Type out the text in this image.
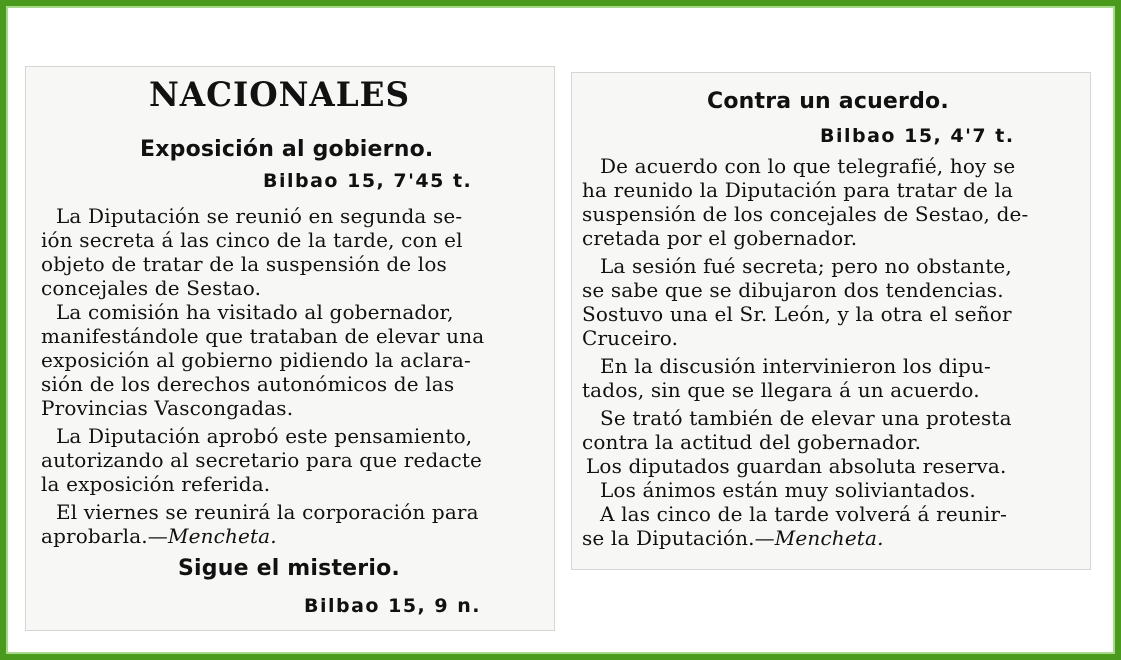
NACIONALES
Exposición al gobierno.
Bilbao 15, 7'45 t.
La Diputación se reunió en segunda se-
ión secreta á las cinco de la tarde, con el
objeto de tratar de la suspensión de los
concejales de Sestao.
La comisión ha visitado al gobernador,
manifestándole que trataban de elevar una
exposición al gobierno pidiendo la aclara-
sión de los derechos autonómicos de las
Provincias Vascongadas.
La Diputación aprobó este pensamiento,
autorizando al secretario para que redacte
la exposición referida.
El viernes se reunirá la corporación para
aprobarla.—Mencheta.
Sigue el misterio.
Bilbao 15, 9 n.
Contra un acuerdo.
Bilbao 15, 4'7 t.
De acuerdo con lo que telegrafié, hoy se
ha reunido la Diputación para tratar de la
suspensión de los concejales de Sestao, de-
cretada por el gobernador.
La sesión fué secreta; pero no obstante,
se sabe que se dibujaron dos tendencias.
Sostuvo una el Sr. León, y la otra el señor
Cruceiro.
En la discusión intervinieron los dipu-
tados, sin que se llegara á un acuerdo.
Se trató también de elevar una protesta
contra la actitud del gobernador.
Los diputados guardan absoluta reserva.
Los ánimos están muy soliviantados.
A las cinco de la tarde volverá á reunir-
se la Diputación.—Mencheta.
